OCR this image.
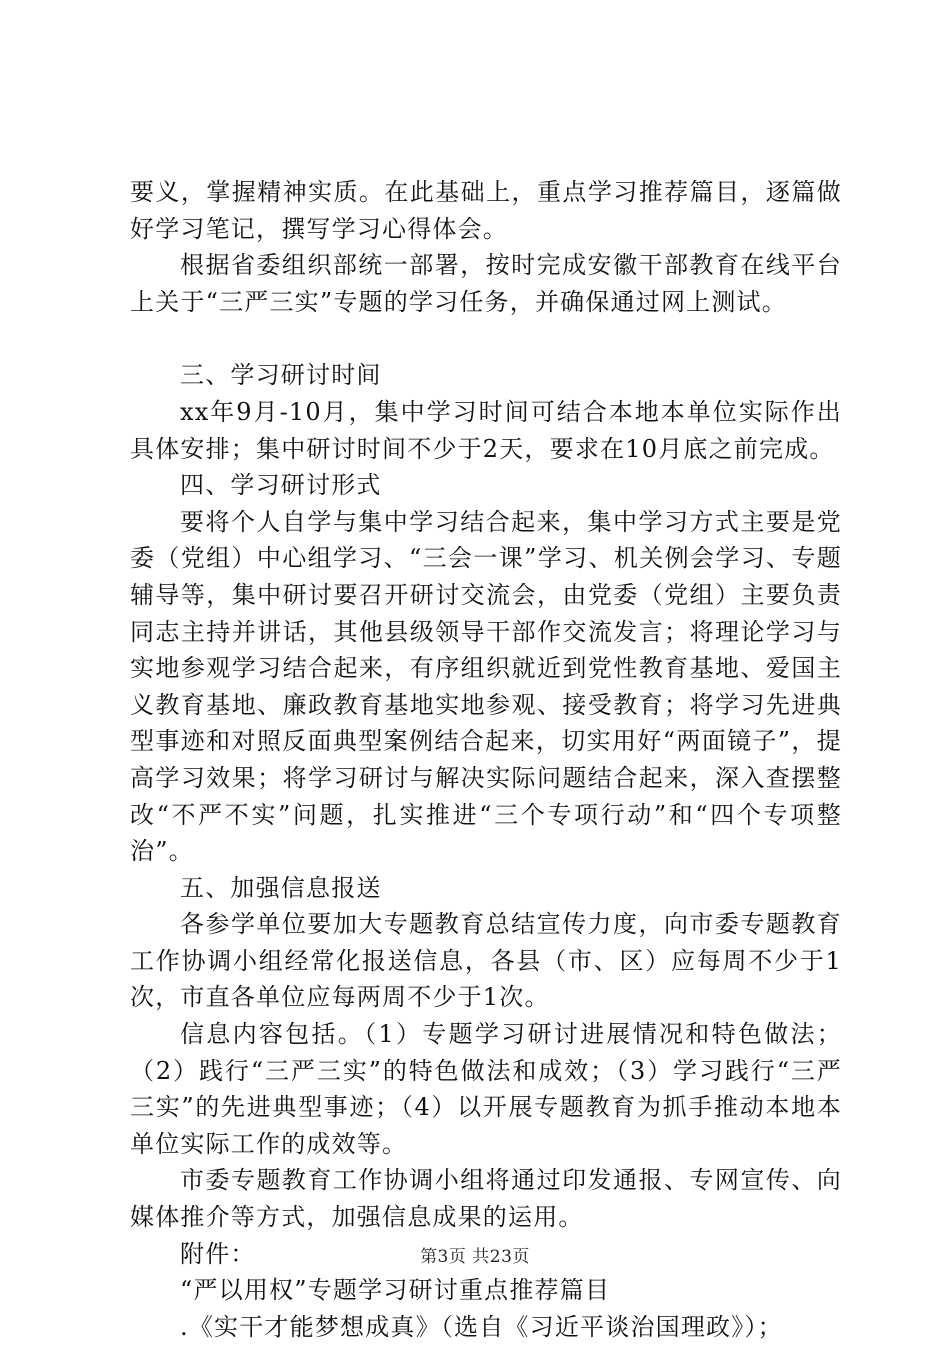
要义，掌握精神实质。在此基础上，重点学习推荐篇目，逐篇做好学习笔记，撰写学习心得体会。

根据省委组织部统一部署，按时完成安徽干部教育在线平台上关于“三严三实”专题的学习任务，并确保通过网上测试。

三、学习研讨时间

xx年9月-10月，集中学习时间可结合本地本单位实际作出具体安排；集中研讨时间不少于2天，要求在10月底之前完成。

四、学习研讨形式

要将个人自学与集中学习结合起来，集中学习方式主要是党委（党组）中心组学习、“三会一课”学习、机关例会学习、专题辅导等，集中研讨要召开研讨交流会，由党委（党组）主要负责同志主持并讲话，其他县级领导干部作交流发言；将理论学习与实地参观学习结合起来，有序组织就近到党性教育基地、爱国主义教育基地、廉政教育基地实地参观、接受教育；将学习先进典型事迹和对照反面典型案例结合起来，切实用好“两面镜子”，提高学习效果；将学习研讨与解决实际问题结合起来，深入查摆整改“不严不实”问题，扎实推进“三个专项行动”和“四个专项整治”。

五、加强信息报送

各参学单位要加大专题教育总结宣传力度，向市委专题教育工作协调小组经常化报送信息，各县（市、区）应每周不少于1次，市直各单位应每两周不少于1次。

信息内容包括。（1）专题学习研讨进展情况和特色做法；（2）践行“三严三实”的特色做法和成效；（3）学习践行“三严三实”的先进典型事迹；（4）以开展专题教育为抓手推动本地本单位实际工作的成效等。

市委专题教育工作协调小组将通过印发通报、专网宣传、向媒体推介等方式，加强信息成果的运用。

附件：

“严以用权”专题学习研讨重点推荐篇目

.《实干才能梦想成真》（选自《习近平谈治国理政》）；

第3页 共23页
